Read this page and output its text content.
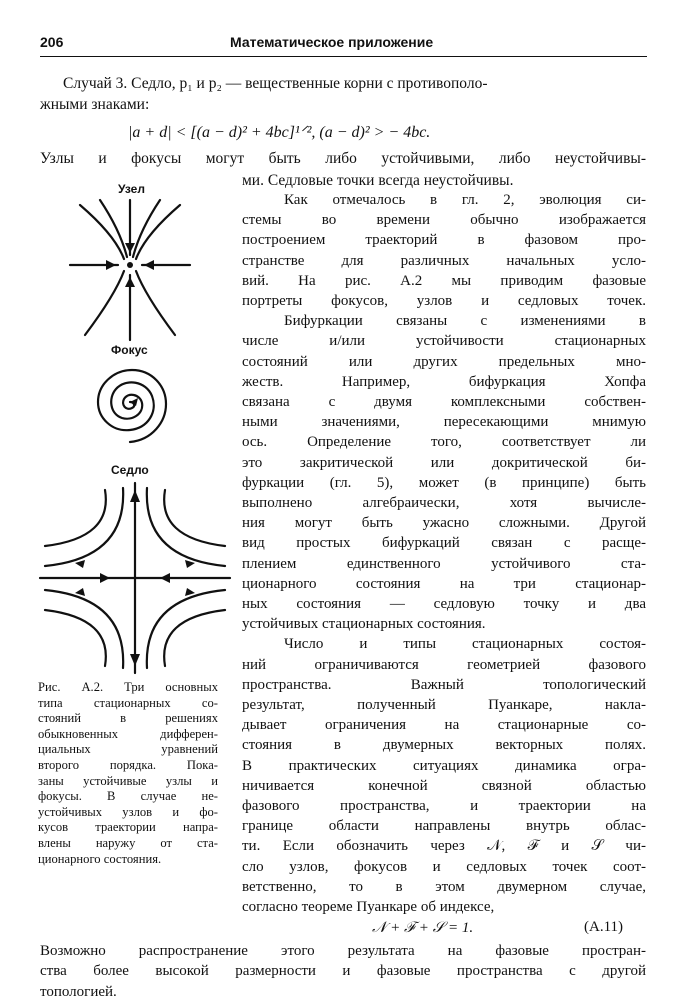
206	Математическое приложение

Случай 3. Седло, p₁ и p₂ — вещественные корни с противополо-

жными знаками:

|a + d| < [(a − d)² + 4bc]¹ᐟ², (a − d)² > − 4bc.

Узлы и фокусы могут быть либо устойчивыми, либо неустойчивы-

ми. Седловые точки всегда неустойчивы.

Как отмечалось в гл. 2, эволюция си-

стемы во времени обычно изображается

построением траекторий в фазовом про-

странстве для различных начальных усло-

вий. На рис. А.2 мы приводим фазовые

портреты фокусов, узлов и седловых точек.

Бифуркации связаны с изменениями в

числе и/или устойчивости стационарных

состояний или других предельных мно-

жеств. Например, бифуркация Хопфа

связана с двумя комплексными собствен-

ными значениями, пересекающими мнимую

ось. Определение того, соответствует ли

это закритической или докритической би-

фуркации (гл. 5), может (в принципе) быть

выполнено алгебраически, хотя вычисле-

ния могут быть ужасно сложными. Другой

вид простых бифуркаций связан с расще-

плением единственного устойчивого ста-

ционарного состояния на три стационар-

ных состояния — седловую точку и два

устойчивых стационарных состояния.

Число и типы стационарных состоя-

ний ограничиваются геометрией фазового

пространства. Важный топологический

результат, полученный Пуанкаре, накла-

дывает ограничения на стационарные со-

стояния в двумерных векторных полях.

В практических ситуациях динамика огра-

ничивается конечной связной областью

фазового пространства, и траектории на

границе области направлены внутрь облас-

ти. Если обозначить через 𝒩, ℱ и 𝒮 чи-

сло узлов, фокусов и седловых точек соот-

ветственно, то в этом двумерном случае,

согласно теореме Пуанкаре об индексе,

𝒩 + ℱ + 𝒮 = 1.	(A.11)

Возможно распространение этого результата на фазовые простран-

ства более высокой размерности и фазовые пространства с другой

топологией.

Узел
Фокус
Седло
Рис. А.2. Три основных
типа стационарных со-
стояний в решениях
обыкновенных дифферен-
циальных уравнений
второго порядка. Пока-
заны устойчивые узлы и
фокусы. В случае не-
устойчивых узлов и фо-
кусов траектории напра-
влены наружу от ста-
ционарного состояния.
